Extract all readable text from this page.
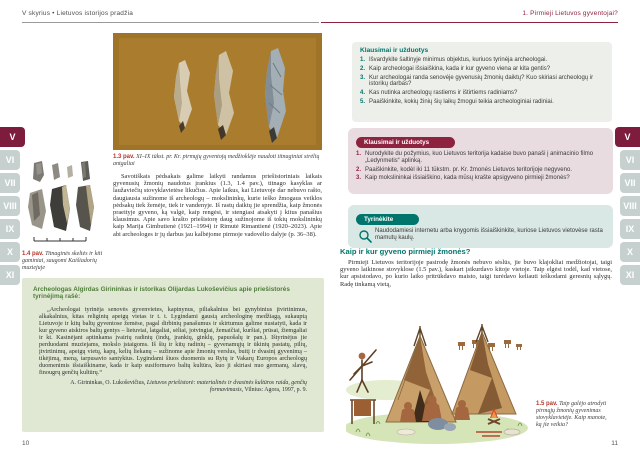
V skyrius • Lietuvos istorijos pradžia
V
VI
VII
VIII
IX
X
XI
1.3 pav. XI–IX tūkst. pr. Kr. pirmųjų gyventojų medžioklėje naudoti titnaginiai strėlių antgaliai
Savotiškais pėdsakais galime laikyti randamus priešistoriniais laikais gyvenusių žmonių naudotus įrankius (1.3, 1.4 pav.), titnago kasyklas ar laužaviečių stovyklavietėse likučius. Apie laikus, kai Lietuvoje dar nebuvo rašto, daugiausia sužinome iš archeologų – mokslininkų, kurie ieško žmogaus veiklos pėdsakų tiek žemėje, tiek ir vandenyje. Iš rastų daiktų jie sprendžia, kaip žmonės praeityje gyveno, ką valgė, kaip rengėsi, ir stengiasi atsakyti į kitus panašius klausimus. Apie savo krašto priešistorę daug sužinojome iš tokių mokslininkų kaip Marija Gimbutienė (1921–1994) ir Rimutė Rimantienė (1920–2023). Apie abi archeologes ir jų darbus jau kalbėjome pirmoje vadovėlio dalyje (p. 36–38).
1.4 pav. Titnaginės skeltės ir kiti gaminiai, saugomi Kaišiadorių muziejuje
Archeologas Algirdas Girininkas ir istorikas Olijardas Lukoševičius apie priešistorės tyrinėjimą rašė:
„Archeologai tyrinėja senovės gyvenvietes, kapinynus, piliakalnius bei gynybinius įtvirtinimus, alkakalnius, kitas religinių apeigų vietas ir t. t. Lygindami gausią archeologinę medžiagą, sukauptą Lietuvoje ir kitų baltų gyventose žemėse, pagal dirbinių panašumus ir skirtumus galime nustatyti, kada ir kur gyveno atskiros baltų gentys – lietuviai, latgaliai, sėliai, jotvingiai, žemaičiai, kuršiai, prūsai, žiemgaliai ir kt. Kasinėjant aptinkama įvairių radinių (indų, įrankių, ginklų, papuošalų ir pan.). Ištyrinėjus jie perduodami muziejams, mokslo įstaigoms. Iš šių ir kitų radinių – gyvenamųjų ir ūkinių pastatų, pilių, įtvirtinimų, apeigų vietų, kapų, kelių liekanų – sužinome apie žmonių verslus, buitį ir dvasinį gyvenimą – tikėjimą, meną, tarpusavio santykius. Lygindami šiuos duomenis su Rytų ir Vakarų Europos archeologų duomenimis išsiaiškiname, kada ir kaip susiformavo baltų kultūra, kuo ji skiriasi nuo germanų, slavų, finougrų genčių kultūrų.“
A. Girininkas, O. Lukoševičius, Lietuvos priešistorė: materialinės ir dvasinės kultūros raida, genčių formavimasis, Vilnius: Agora, 1997, p. 9.
10
1. Pirmieji Lietuvos gyventojai?
Klausimai ir užduotys
1. Išvardykite šaltinyje minimus objektus, kuriuos tyrinėja archeologai.
2. Kaip archeologai išsiaiškina, kada ir kur gyveno viena ar kita gentis?
3. Kur archeologai randa senovėje gyvenusių žmonių daiktų? Kuo skiriasi archeologų ir istorikų darbas?
4. Kas nutinka archeologų rastiems ir ištirtiems radiniams?
5. Paaiškinkite, kokių žinių šių laikų žmogui teikia archeologiniai radiniai.
Klausimai ir užduotys
1. Nurodykite du požymius, kuo Lietuvos teritorija kadaise buvo panaši į animacinio filmo „Ledynmetis“ aplinką.
2. Paaiškinkite, kodėl iki 11 tūkstm. pr. Kr. žmonės Lietuvos teritorijoje negyveno.
3. Kaip mokslininkai išsiaiškino, kada mūsų krašte apsigyveno pirmieji žmonės?
Tyrinėkite
Naudodamiesi internetu arba knygomis išsiaiškinkite, kuriose Lietuvos vietovėse rasta mamutų kaulų.
Kaip ir kur gyveno pirmieji žmonės?
Pirmieji Lietuvos teritorijoje pasirodę žmonės nebuvo sėslūs, jie buvo klajokliai medžiotojai, taigi gyveno laikinose stovyklose (1.5 pav.), kaskart įsikurdavo kitoje vietoje. Taip elgėsi todėl, kad vietose, kur apsistodavo, po kurio laiko pritrūkdavo maisto, taigi turėdavo keliauti ieškodami geresnių sąlygų. Radę tinkamą vietą,
1.5 pav. Taip galėjo atrodyti pirmųjų žmonių gyvenimas stovyklavietėje. Kaip manote, ką jie veikia?
V
VI
VII
VIII
IX
X
XI
11
